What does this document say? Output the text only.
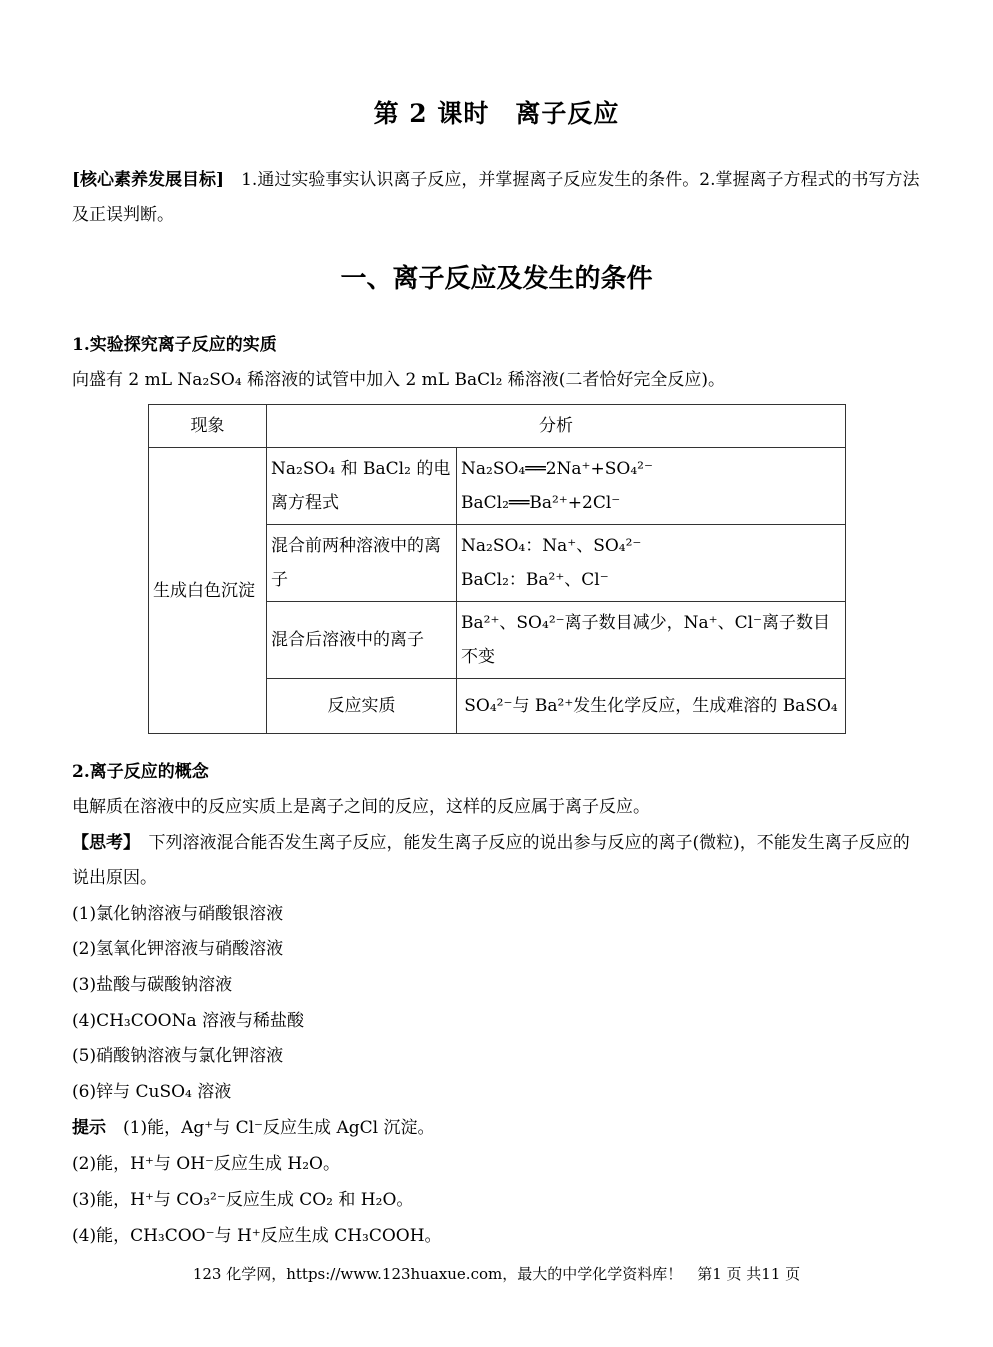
第 2 课时　离子反应
[核心素养发展目标]　1.通过实验事实认识离子反应，并掌握离子反应发生的条件。2.掌握离子方程式的书写方法及正误判断。
一、离子反应及发生的条件
1.实验探究离子反应的实质
向盛有 2 mL Na₂SO₄ 稀溶液的试管中加入 2 mL BaCl₂ 稀溶液(二者恰好完全反应)。
现象	分析	
生成白色沉淀	Na₂SO₄ 和 BaCl₂ 的电离方程式	Na₂SO₄══2Na⁺+SO₄²⁻
BaCl₂══Ba²⁺+2Cl⁻

	混合前两种溶液中的离子	Na₂SO₄：Na⁺、SO₄²⁻
BaCl₂：Ba²⁺、Cl⁻

	混合后溶液中的离子	Ba²⁺、SO₄²⁻离子数目减少，Na⁺、Cl⁻离子数目不变
	反应实质	SO₄²⁻与 Ba²⁺发生化学反应，生成难溶的 BaSO₄
2.离子反应的概念
电解质在溶液中的反应实质上是离子之间的反应，这样的反应属于离子反应。
【思考】　下列溶液混合能否发生离子反应，能发生离子反应的说出参与反应的离子(微粒)，不能发生离子反应的说出原因。
(1)氯化钠溶液与硝酸银溶液
(2)氢氧化钾溶液与硝酸溶液
(3)盐酸与碳酸钠溶液
(4)CH₃COONa 溶液与稀盐酸
(5)硝酸钠溶液与氯化钾溶液
(6)锌与 CuSO₄ 溶液
提示　(1)能，Ag⁺与 Cl⁻反应生成 AgCl 沉淀。
(2)能，H⁺与 OH⁻反应生成 H₂O。
(3)能，H⁺与 CO₃²⁻反应生成 CO₂ 和 H₂O。
(4)能，CH₃COO⁻与 H⁺反应生成 CH₃COOH。
123 化学网，https://www.123huaxue.com，最大的中学化学资料库！　第1 页 共11 页
